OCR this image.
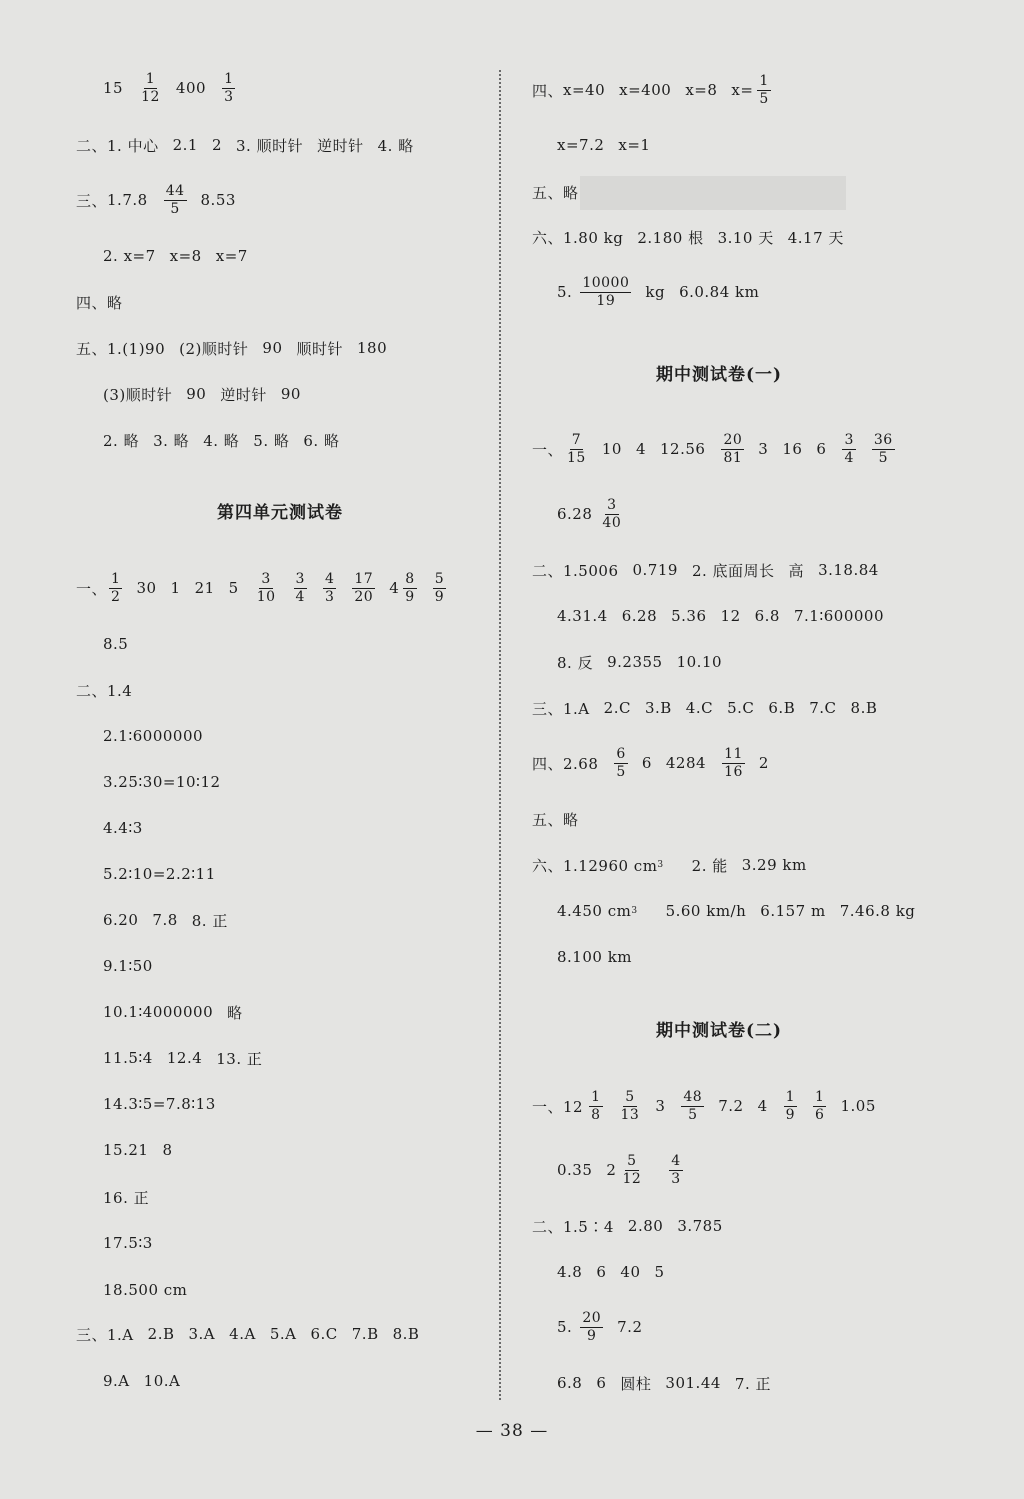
$15 \frac{1}{12} 400 \frac{1}{3}$
二、 1. 中心 2.1 2 3. 顺时针 逆时针 4. 略
三、 $1.7.8 \frac{44}{5} 8.53$
2. x=7 x=8 x=7
四、略
五、1.(1)90 (2)顺时针 90 顺时针 180
(3)顺时针 90 逆时针 90
2. 略 3. 略 4. 略 5. 略 6. 略
第四单元测试卷
一、 $\frac{1}{2} 30$ 1 21 $5 \frac{3}{10} \frac{3}{4} \frac{4}{3} \frac{17}{20} 4 \frac{8}{9} \frac{5}{9}$
8.5
二、1.4
2.1∶6000000
3.25∶30=10∶12
4.4∶3
5.2∶10=2.2∶11
6.20 7.8 8. 正
9.1∶50
10.1∶4000000 略
11.5∶4 12.4 13. 正
14.3∶5=7.8∶13
15.21 8
16. 正
17.5∶3
18.500 cm
三、1.A 2.B 3.A 4.A 5.A 6.C 7.B 8.B
9.A 10.A
四、 x=40 x=400 x=8 $x= \frac{1}{5}$
x=7.2 x=1
五、略
六、1.80 kg 2.180 根 3.10 天 4.17 天
5. $\frac{10000}{19}$ kg 6.0.84 km
期中测试卷(一)
一、 $\frac{7}{15} 10$ 4 $12.56 \frac{20}{81} 3$ 16 $6 \frac{3}{4} \frac{36}{5}$
$6.28 \frac{3}{40}$
二、1.5006 0.719 2. 底面周长 高 3.18.84
4.31.4 6.28 5.36 12 6.8 7.1∶600000
8. 反 9.2355 10.10
三、1.A 2.C 3.B 4.C 5.C 6.B 7.C 8.B
四、$2.68 \frac{6}{5} 6$ $4284 \frac{11}{16} 2$
五、略
六、1.12960 cm 3 2. 能 3.29 km
4.450 cm 3 5.60 km/h 6.157 m 7.46.8 kg
8.100 km
期中测试卷(二)
一、$12 \frac{1}{8} \frac{5}{13} 3 \frac{48}{5} 7.2$ $4 \frac{1}{9} \frac{1}{6} 1.05$
0.35 $2 \frac{5}{12} \frac{4}{3}$
二、1.5∶4 2.80 3.785
4.8 6 40 5
5. $\frac{20}{9} 7.2$
6.8 6 圆柱 301.44 7. 正
— 38 —
